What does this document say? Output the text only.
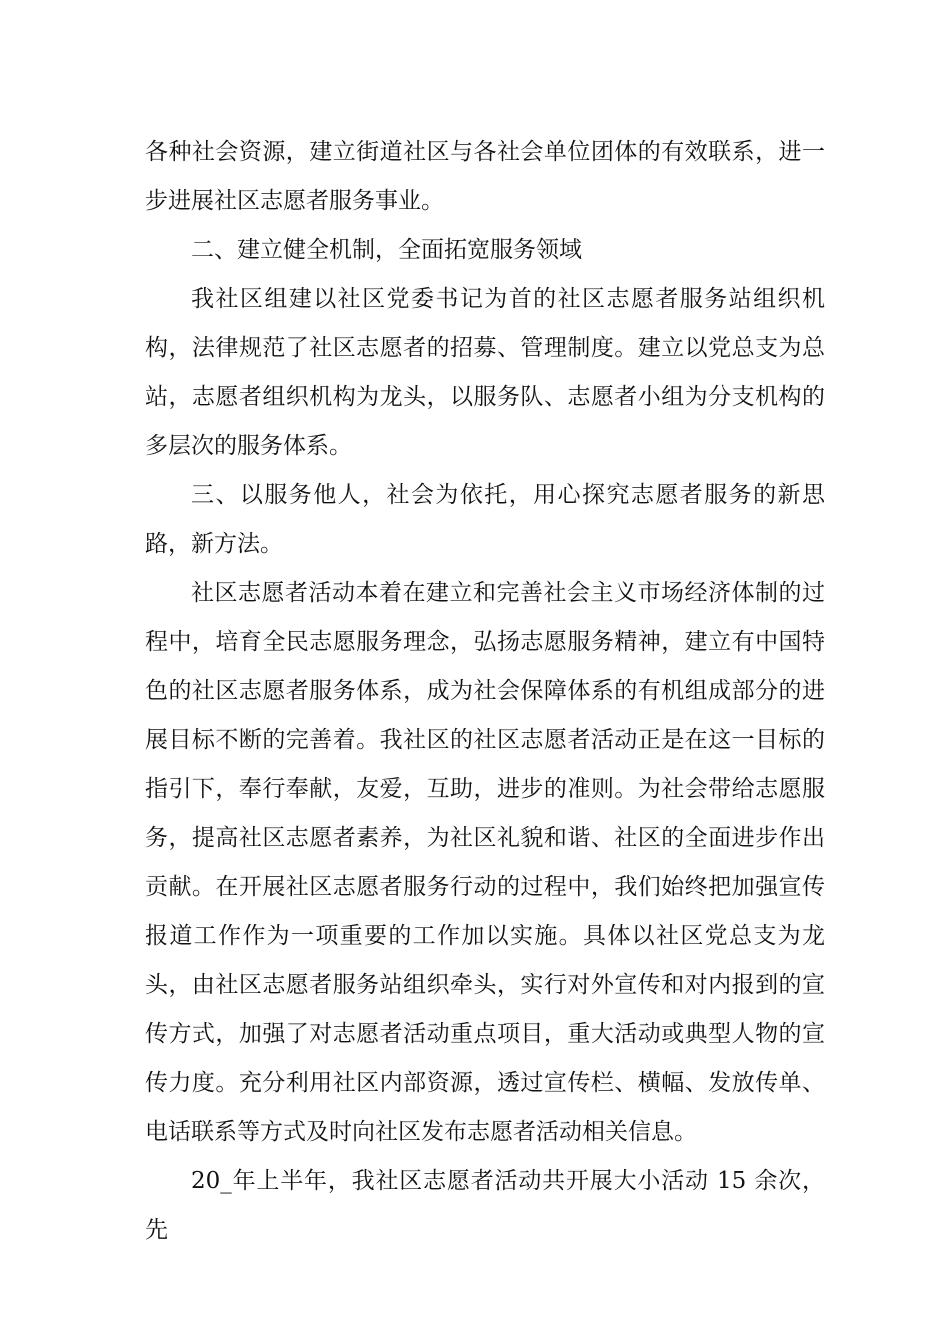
各种社会资源，建立街道社区与各社会单位团体的有效联系，进一步进展社区志愿者服务事业。

二、建立健全机制，全面拓宽服务领域

我社区组建以社区党委书记为首的社区志愿者服务站组织机构，法律规范了社区志愿者的招募、管理制度。建立以党总支为总站，志愿者组织机构为龙头，以服务队、志愿者小组为分支机构的多层次的服务体系。

三、以服务他人，社会为依托，用心探究志愿者服务的新思路，新方法。

社区志愿者活动本着在建立和完善社会主义市场经济体制的过程中，培育全民志愿服务理念，弘扬志愿服务精神，建立有中国特色的社区志愿者服务体系，成为社会保障体系的有机组成部分的进展目标不断的完善着。我社区的社区志愿者活动正是在这一目标的指引下，奉行奉献，友爱，互助，进步的准则。为社会带给志愿服务，提高社区志愿者素养，为社区礼貌和谐、社区的全面进步作出贡献。在开展社区志愿者服务行动的过程中，我们始终把加强宣传报道工作作为一项重要的工作加以实施。具体以社区党总支为龙头，由社区志愿者服务站组织牵头，实行对外宣传和对内报到的宣传方式，加强了对志愿者活动重点项目，重大活动或典型人物的宣传力度。充分利用社区内部资源，透过宣传栏、横幅、发放传单、电话联系等方式及时向社区发布志愿者活动相关信息。

20_年上半年，我社区志愿者活动共开展大小活动 15 余次，先
